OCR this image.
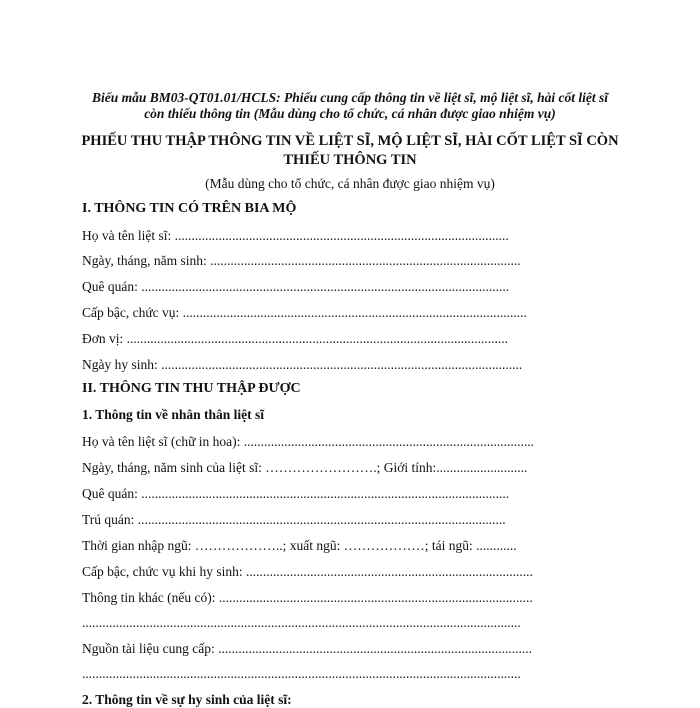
Biểu mẫu BM03-QT01.01/HCLS: Phiếu cung cấp thông tin về liệt sĩ, mộ liệt sĩ, hài cốt liệt sĩ
còn thiếu thông tin (Mẫu dùng cho tổ chức, cá nhân được giao nhiệm vụ)
PHIẾU THU THẬP THÔNG TIN VỀ LIỆT SĨ, MỘ LIỆT SĨ, HÀI CỐT LIỆT SĨ CÒN
THIẾU THÔNG TIN
(Mẫu dùng cho tổ chức, cá nhân được giao nhiệm vụ)
I. THÔNG TIN CÓ TRÊN BIA MỘ
Họ và tên liệt sĩ: ...................................................................................................
Ngày, tháng, năm sinh: ............................................................................................
Quê quán: .............................................................................................................
Cấp bậc, chức vụ: ......................................................................................................
Đơn vị: .................................................................................................................
Ngày hy sinh: ...........................................................................................................
II. THÔNG TIN THU THẬP ĐƯỢC
1. Thông tin về nhân thân liệt sĩ
Họ và tên liệt sĩ (chữ in hoa): ......................................................................................
Ngày, tháng, năm sinh của liệt sĩ: …………………….; Giới tính:...........................
Quê quán: .............................................................................................................
Trú quán: .............................................................................................................
Thời gian nhập ngũ: ………………..; xuất ngũ: ………………; tái ngũ: ............
Cấp bậc, chức vụ khi hy sinh: .....................................................................................
Thông tin khác (nếu có): .............................................................................................
..................................................................................................................................
Nguồn tài liệu cung cấp: .............................................................................................
..................................................................................................................................
2. Thông tin về sự hy sinh của liệt sĩ:
